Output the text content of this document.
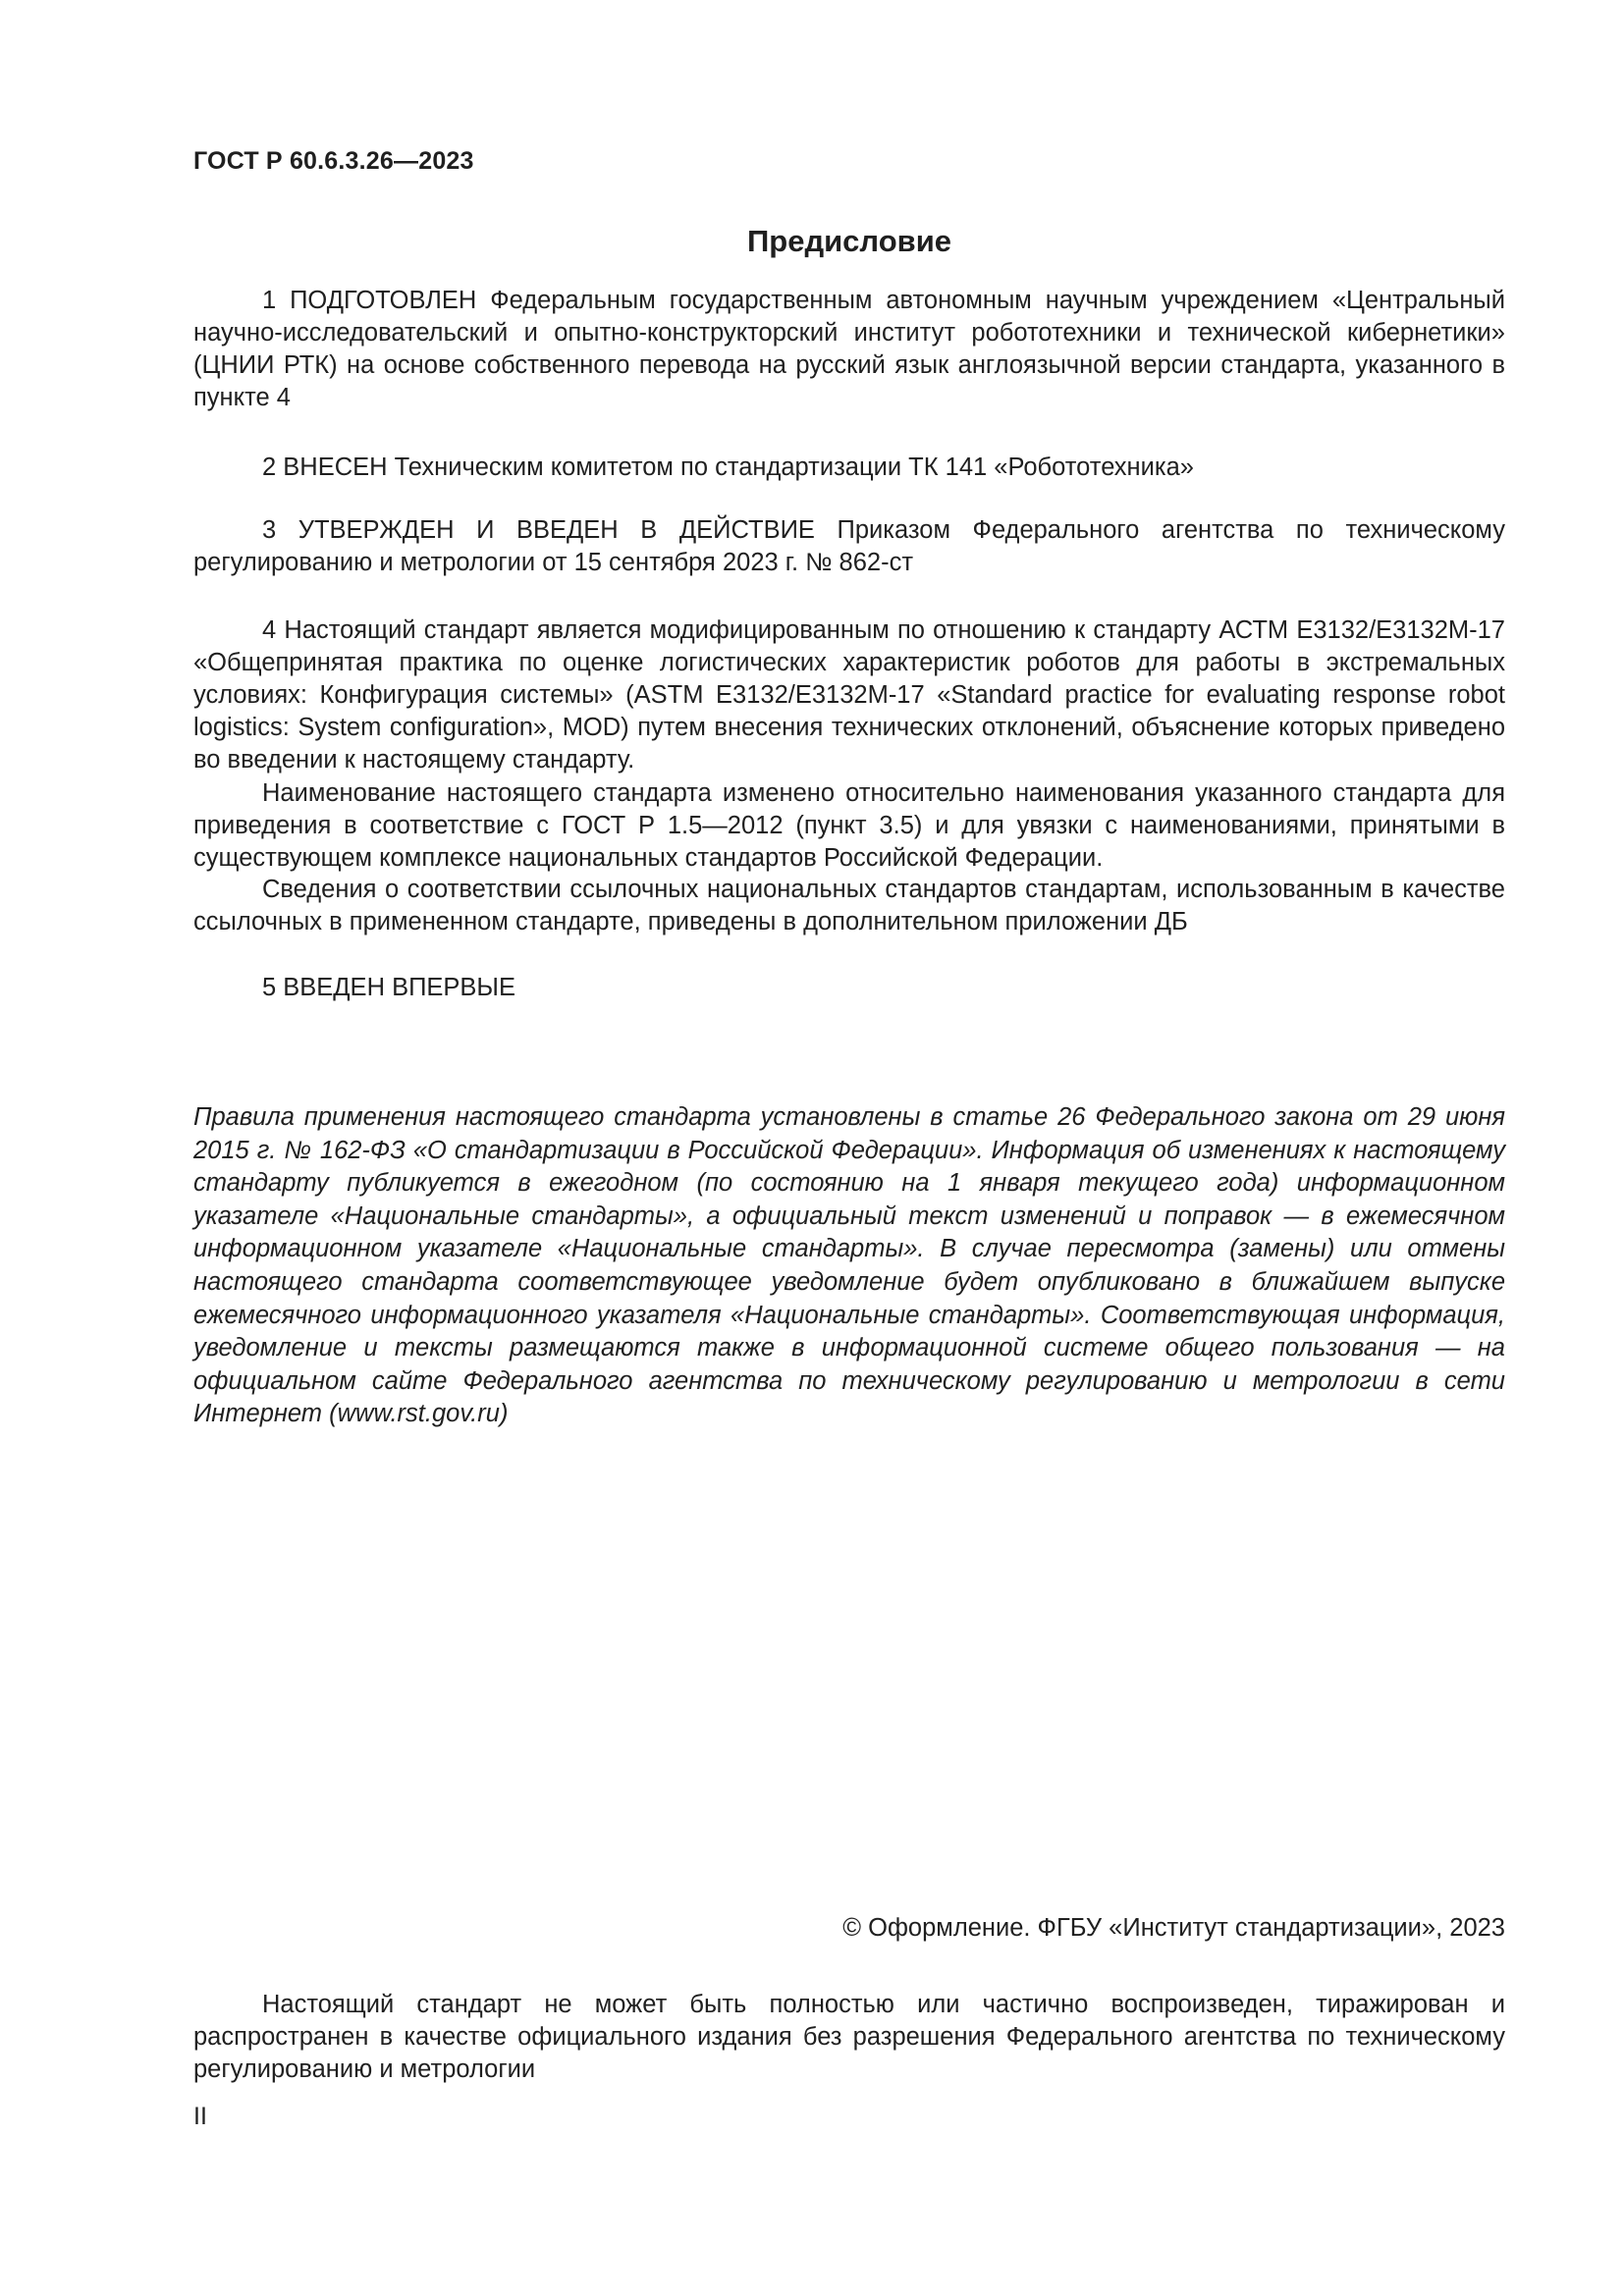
ГОСТ Р 60.6.3.26—2023
Предисловие

1 ПОДГОТОВЛЕН Федеральным государственным автономным научным учреждением «Центральный научно-исследовательский и опытно-конструкторский институт робототехники и технической кибернетики» (ЦНИИ РТК) на основе собственного перевода на русский язык англоязычной версии стандарта, указанного в пункте 4

2 ВНЕСЕН Техническим комитетом по стандартизации ТК 141 «Робототехника»

3 УТВЕРЖДЕН И ВВЕДЕН В ДЕЙСТВИЕ Приказом Федерального агентства по техническому регулированию и метрологии от 15 сентября 2023 г. № 862-ст

4 Настоящий стандарт является модифицированным по отношению к стандарту АСТМ Е3132/Е3132М-17 «Общепринятая практика по оценке логистических характеристик роботов для работы в экстремальных условиях: Конфигурация системы» (ASTM E3132/E3132M-17 «Standard practice for evaluating response robot logistics: System configuration», MOD) путем внесения технических отклонений, объяснение которых приведено во введении к настоящему стандарту.

Наименование настоящего стандарта изменено относительно наименования указанного стандарта для приведения в соответствие с ГОСТ Р 1.5—2012 (пункт 3.5) и для увязки с наименованиями, принятыми в существующем комплексе национальных стандартов Российской Федерации.

Сведения о соответствии ссылочных национальных стандартов стандартам, использованным в качестве ссылочных в примененном стандарте, приведены в дополнительном приложении ДБ

5 ВВЕДЕН ВПЕРВЫЕ

Правила применения настоящего стандарта установлены в статье 26 Федерального закона от 29 июня 2015 г. № 162-ФЗ «О стандартизации в Российской Федерации». Информация об изменениях к настоящему стандарту публикуется в ежегодном (по состоянию на 1 января текущего года) информационном указателе «Национальные стандарты», а официальный текст изменений и поправок — в ежемесячном информационном указателе «Национальные стандарты». В случае пересмотра (замены) или отмены настоящего стандарта соответствующее уведомление будет опубликовано в ближайшем выпуске ежемесячного информационного указателя «Национальные стандарты». Соответствующая информация, уведомление и тексты размещаются также в информационной системе общего пользования — на официальном сайте Федерального агентства по техническому регулированию и метрологии в сети Интернет (www.rst.gov.ru)

© Оформление. ФГБУ «Институт стандартизации», 2023

Настоящий стандарт не может быть полностью или частично воспроизведен, тиражирован и распространен в качестве официального издания без разрешения Федерального агентства по техническому регулированию и метрологии

II
